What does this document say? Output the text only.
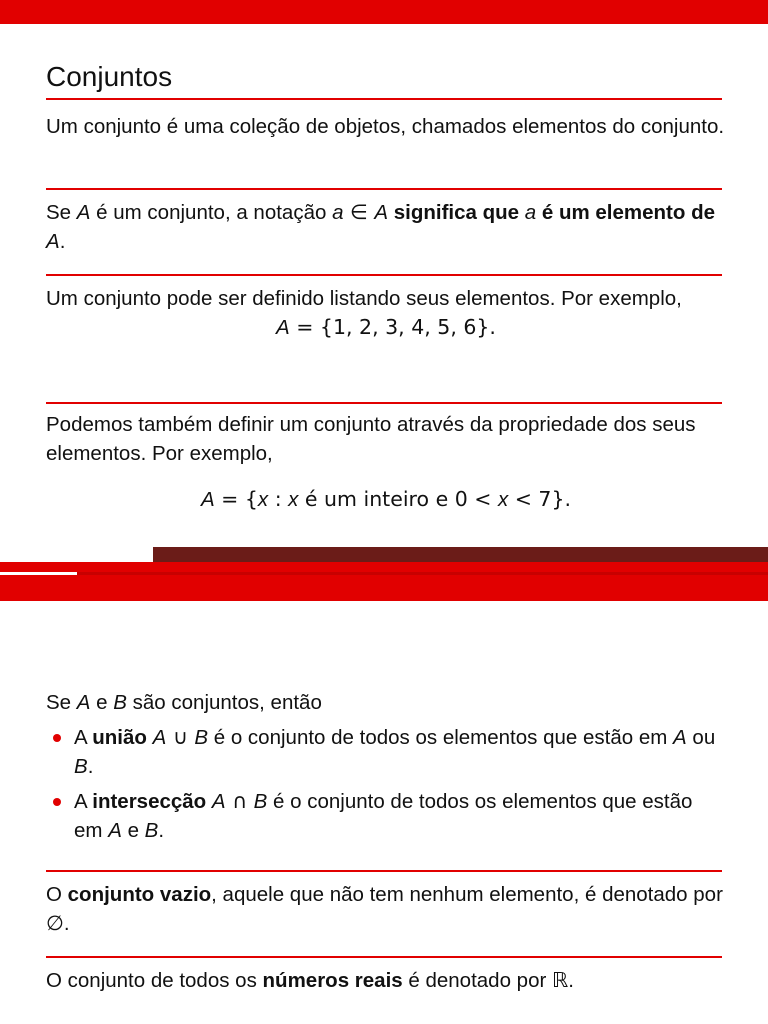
Conjuntos
Um conjunto é uma coleção de objetos, chamados elementos do conjunto.
Se A é um conjunto, a notação a ∈ A significa que a é um elemento de A.
Um conjunto pode ser definido listando seus elementos. Por exemplo,
A = {1, 2, 3, 4, 5, 6}.
Podemos também definir um conjunto através da propriedade dos seus elementos. Por exemplo,
A = {x : x é um inteiro e 0 < x < 7}.
Se A e B são conjuntos, então
A união A ∪ B é o conjunto de todos os elementos que estão em A ou B.
A intersecção A ∩ B é o conjunto de todos os elementos que estão em A e B.
O conjunto vazio, aquele que não tem nenhum elemento, é denotado por ∅.
O conjunto de todos os números reais é denotado por ℝ.
